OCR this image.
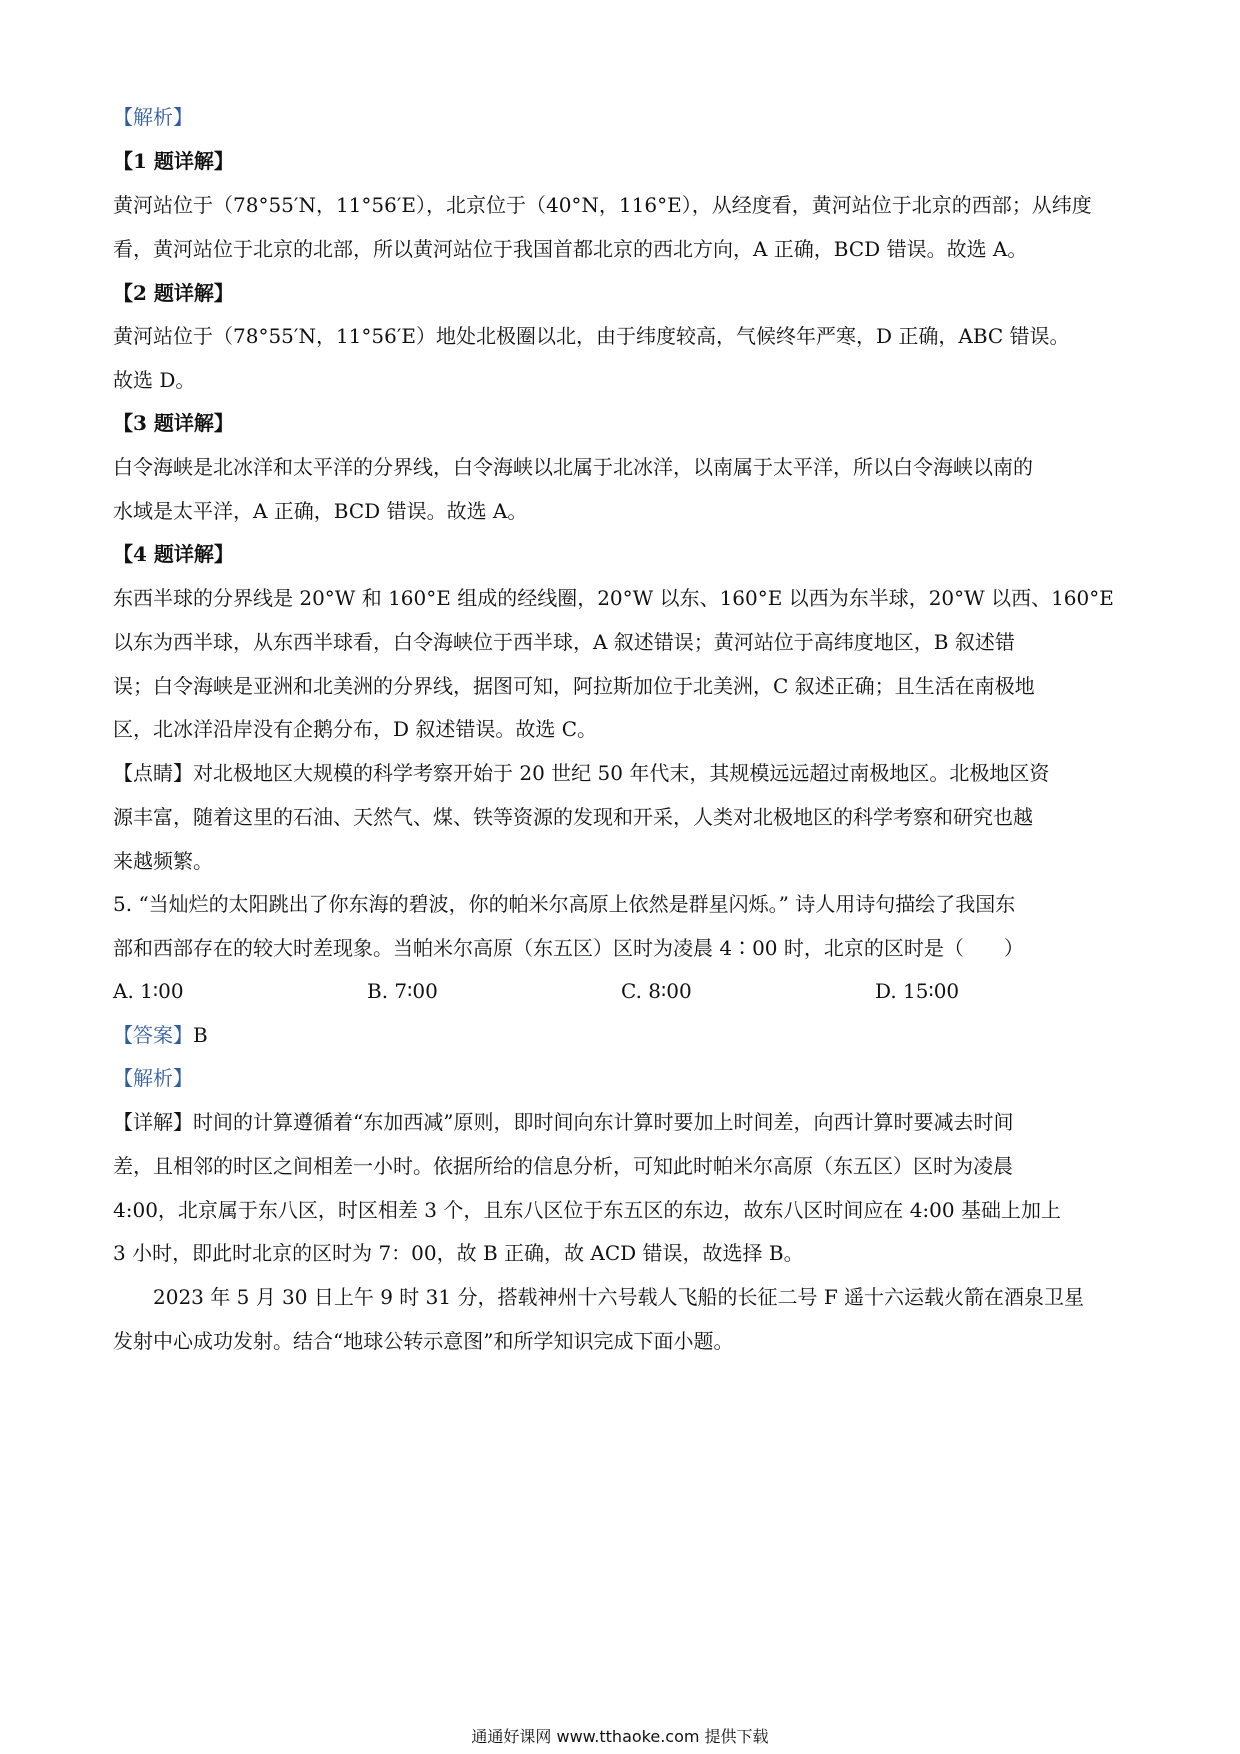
【解析】
【1 题详解】
黄河站位于（78°55′N，11°56′E），北京位于（40°N，116°E），从经度看，黄河站位于北京的西部；从纬度
看，黄河站位于北京的北部，所以黄河站位于我国首都北京的西北方向，A 正确，BCD 错误。故选 A。
【2 题详解】
黄河站位于（78°55′N，11°56′E）地处北极圈以北，由于纬度较高，气候终年严寒，D 正确，ABC 错误。
故选 D。
【3 题详解】
白令海峡是北冰洋和太平洋的分界线，白令海峡以北属于北冰洋，以南属于太平洋，所以白令海峡以南的
水域是太平洋，A 正确，BCD 错误。故选 A。
【4 题详解】
东西半球的分界线是 20°W 和 160°E 组成的经线圈，20°W 以东、160°E 以西为东半球，20°W 以西、160°E
以东为西半球，从东西半球看，白令海峡位于西半球，A 叙述错误；黄河站位于高纬度地区，B 叙述错
误；白令海峡是亚洲和北美洲的分界线，据图可知，阿拉斯加位于北美洲，C 叙述正确；且生活在南极地
区，北冰洋沿岸没有企鹅分布，D 叙述错误。故选 C。
【点睛】对北极地区大规模的科学考察开始于 20 世纪 50 年代末，其规模远远超过南极地区。北极地区资
源丰富，随着这里的石油、天然气、煤、铁等资源的发现和开采，人类对北极地区的科学考察和研究也越
来越频繁。
5. “当灿烂的太阳跳出了你东海的碧波，你的帕米尔高原上依然是群星闪烁。” 诗人用诗句描绘了我国东
部和西部存在的较大时差现象。当帕米尔高原（东五区）区时为凌晨 4∶00 时，北京的区时是（　　）
A. 1∶00	B. 7∶00	C. 8∶00	D. 15∶00
【答案】B
【解析】
【详解】时间的计算遵循着“东加西减”原则，即时间向东计算时要加上时间差，向西计算时要减去时间
差，且相邻的时区之间相差一小时。依据所给的信息分析，可知此时帕米尔高原（东五区）区时为凌晨
4:00，北京属于东八区，时区相差 3 个，且东八区位于东五区的东边，故东八区时间应在 4:00 基础上加上
3 小时，即此时北京的区时为 7：00，故 B 正确，故 ACD 错误，故选择 B。
　　2023 年 5 月 30 日上午 9 时 31 分，搭载神州十六号载人飞船的长征二号 F 遥十六运载火箭在酒泉卫星
发射中心成功发射。结合“地球公转示意图”和所学知识完成下面小题。
通通好课网 www.tthaoke.com 提供下载
